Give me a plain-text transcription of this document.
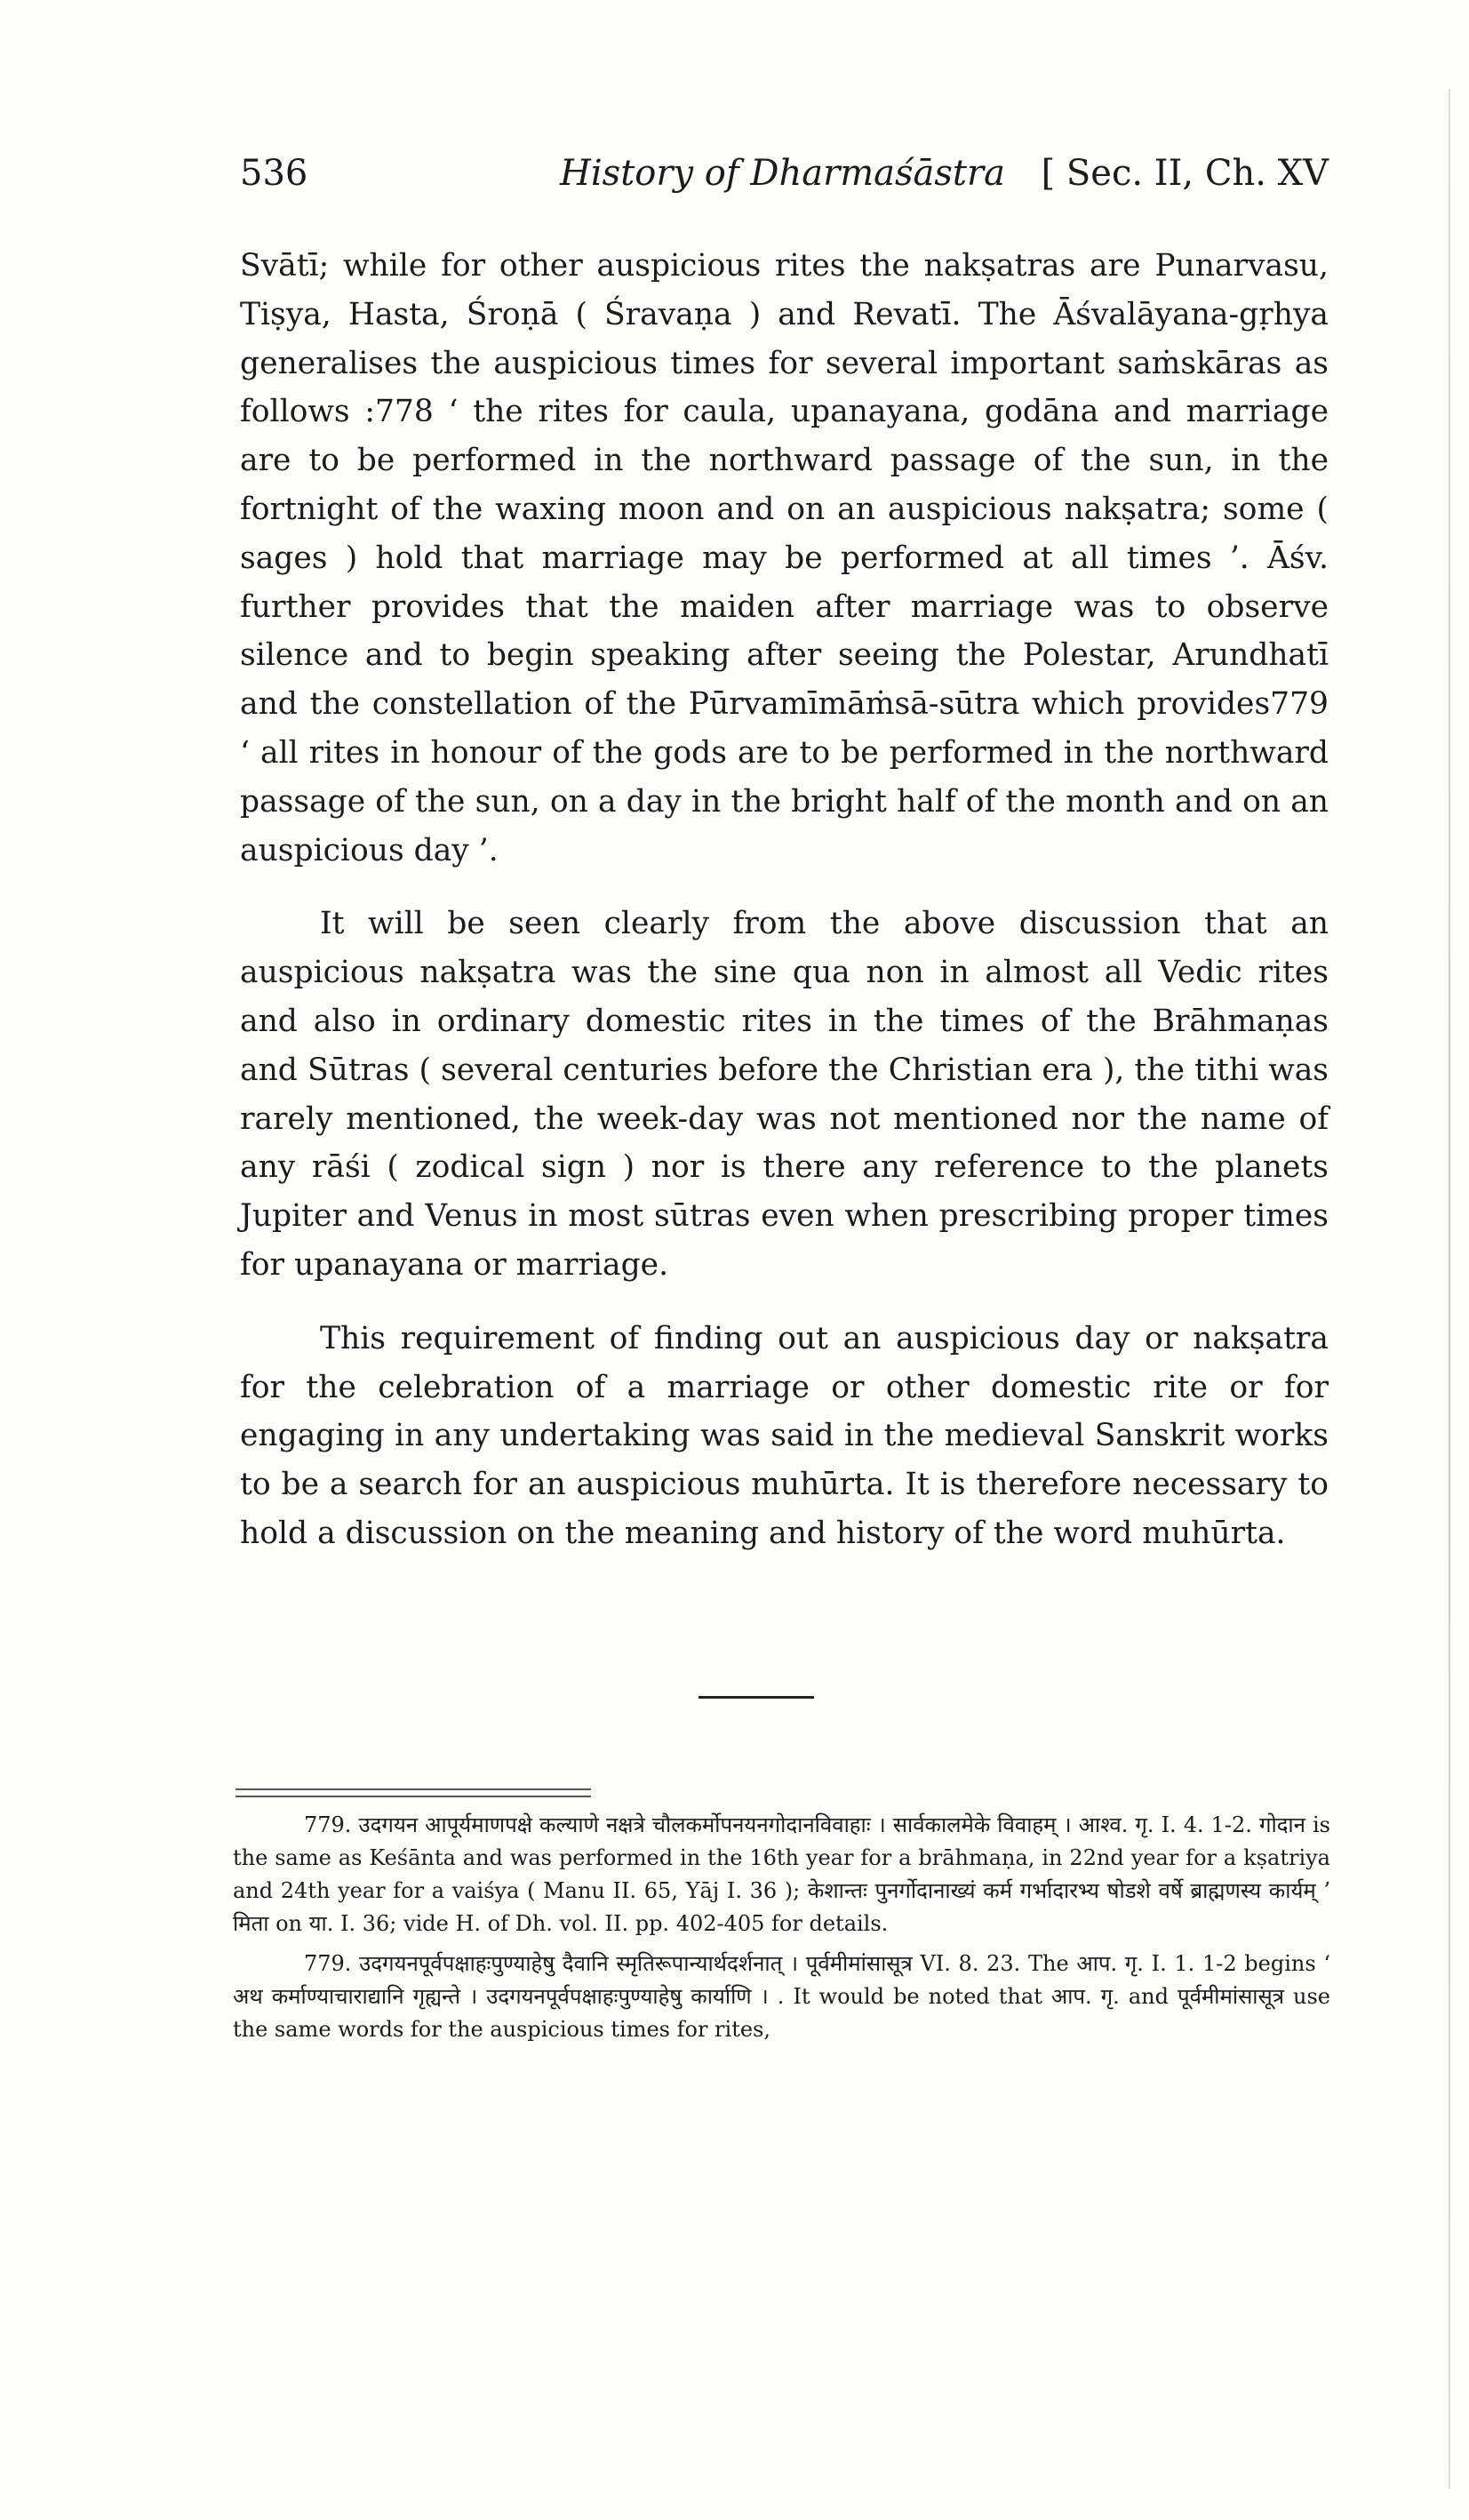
536	History of Dharmaśāstra [ Sec. II, Ch. XV

Svātī; while for other auspicious rites the nakṣatras are Punarvasu, Tiṣya, Hasta, Śroṇā ( Śravaṇa ) and Revatī. The Āśvalāyana-gṛhya generalises the auspicious times for several important saṁskāras as follows :778 ‘ the rites for caula, upanayana, godāna and marriage are to be performed in the northward passage of the sun, in the fortnight of the waxing moon and on an auspicious nakṣatra; some ( sages ) hold that marriage may be performed at all times ’. Āśv. further provides that the maiden after marriage was to observe silence and to begin speaking after seeing the Polestar, Arundhatī and the constellation of the Pūrvamīmāṁsā-sūtra which provides779 ‘ all rites in honour of the gods are to be performed in the northward passage of the sun, on a day in the bright half of the month and on an auspicious day ’.

It will be seen clearly from the above discussion that an auspicious nakṣatra was the sine qua non in almost all Vedic rites and also in ordinary domestic rites in the times of the Brāhmaṇas and Sūtras ( several centuries before the Christian era ), the tithi was rarely mentioned, the week-day was not mentioned nor the name of any rāśi ( zodical sign ) nor is there any reference to the planets Jupiter and Venus in most sūtras even when prescribing proper times for upanayana or marriage.

This requirement of finding out an auspicious day or nakṣatra for the celebration of a marriage or other domestic rite or for engaging in any undertaking was said in the medieval Sanskrit works to be a search for an auspicious muhūrta. It is therefore necessary to hold a discussion on the meaning and history of the word muhūrta.

779. उदगयन आपूर्यमाणपक्षे कल्याणे नक्षत्रे चौलकर्मोपनयनगोदानविवाहाः । सार्वकालमेके विवाहम् । आश्व. गृ. I. 4. 1-2. गोदान is the same as Keśānta and was performed in the 16th year for a brāhmaṇa, in 22nd year for a kṣatriya and 24th year for a vaiśya ( Manu II. 65, Yāj I. 36 ); केशान्तः पुनर्गोदानाख्यं कर्म गर्भादारभ्य षोडशे वर्षे ब्राह्मणस्य कार्यम् ’ मिता on या. I. 36; vide H. of Dh. vol. II. pp. 402-405 for details.

779. उदगयनपूर्वपक्षाहःपुण्याहेषु दैवानि स्मृतिरूपान्यार्थदर्शनात् । पूर्वमीमांसासूत्र VI. 8. 23. The आप. गृ. I. 1. 1-2 begins ‘ अथ कर्माण्याचाराद्यानि गृह्यन्ते । उदगयनपूर्वपक्षाहःपुण्याहेषु कार्याणि । . It would be noted that आप. गृ. and पूर्वमीमांसासूत्र use the same words for the auspicious times for rites,
